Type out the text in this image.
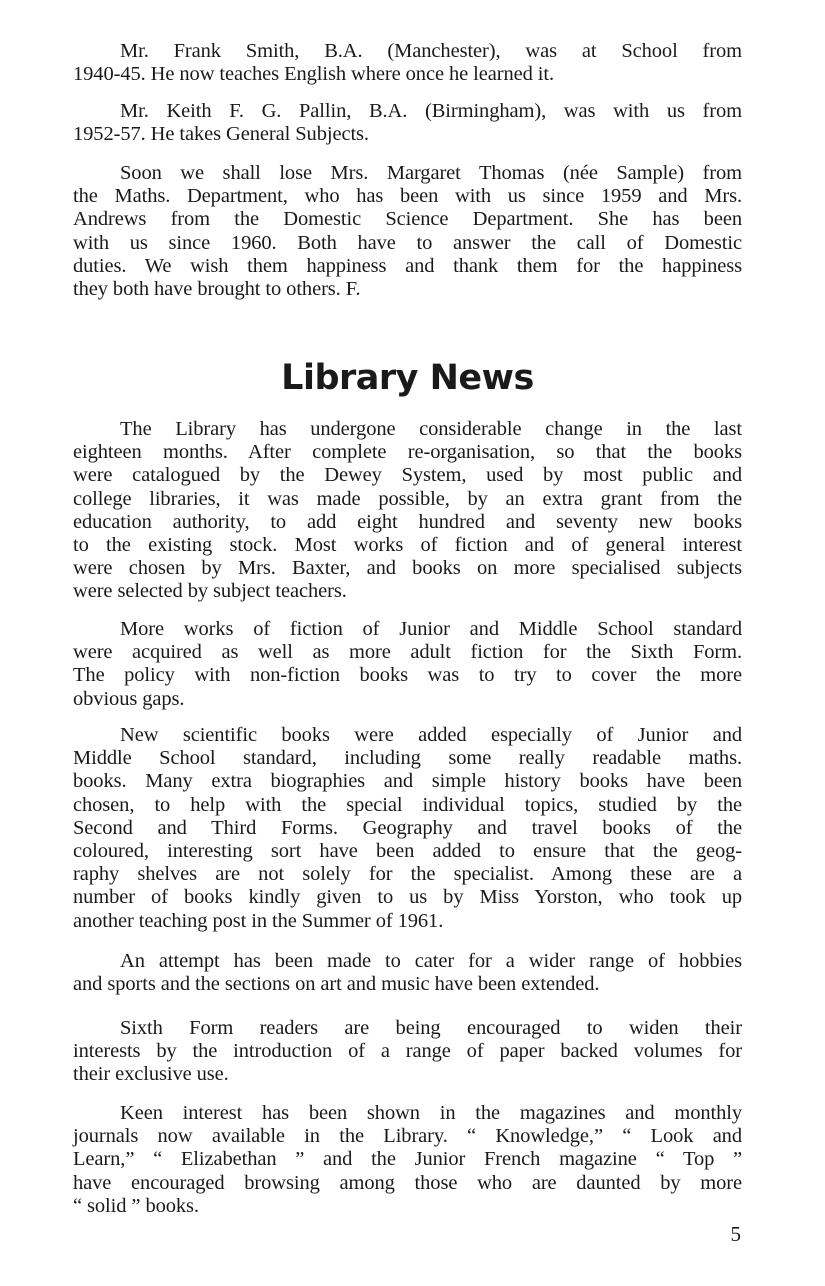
Mr. Frank Smith, B.A. (Manchester), was at School from
1940-45. He now teaches English where once he learned it.

Mr. Keith F. G. Pallin, B.A. (Birmingham), was with us from
1952-57. He takes General Subjects.

Soon we shall lose Mrs. Margaret Thomas (née Sample) from
the Maths. Department, who has been with us since 1959 and Mrs.
Andrews from the Domestic Science Department. She has been
with us since 1960. Both have to answer the call of Domestic
duties. We wish them happiness and thank them for the happiness
they both have brought to others. F.

Library News

The Library has undergone considerable change in the last
eighteen months. After complete re-organisation, so that the books
were catalogued by the Dewey System, used by most public and
college libraries, it was made possible, by an extra grant from the
education authority, to add eight hundred and seventy new books
to the existing stock. Most works of fiction and of general interest
were chosen by Mrs. Baxter, and books on more specialised subjects
were selected by subject teachers.

More works of fiction of Junior and Middle School standard
were acquired as well as more adult fiction for the Sixth Form.
The policy with non-fiction books was to try to cover the more
obvious gaps.

New scientific books were added especially of Junior and
Middle School standard, including some really readable maths.
books. Many extra biographies and simple history books have been
chosen, to help with the special individual topics, studied by the
Second and Third Forms. Geography and travel books of the
coloured, interesting sort have been added to ensure that the geog-
raphy shelves are not solely for the specialist. Among these are a
number of books kindly given to us by Miss Yorston, who took up
another teaching post in the Summer of 1961.

An attempt has been made to cater for a wider range of hobbies
and sports and the sections on art and music have been extended.

Sixth Form readers are being encouraged to widen their
interests by the introduction of a range of paper backed volumes for
their exclusive use.

Keen interest has been shown in the magazines and monthly
journals now available in the Library. “ Knowledge,” “ Look and
Learn,” “ Elizabethan ” and the Junior French magazine “ Top ”
have encouraged browsing among those who are daunted by more
“ solid ” books.

5
